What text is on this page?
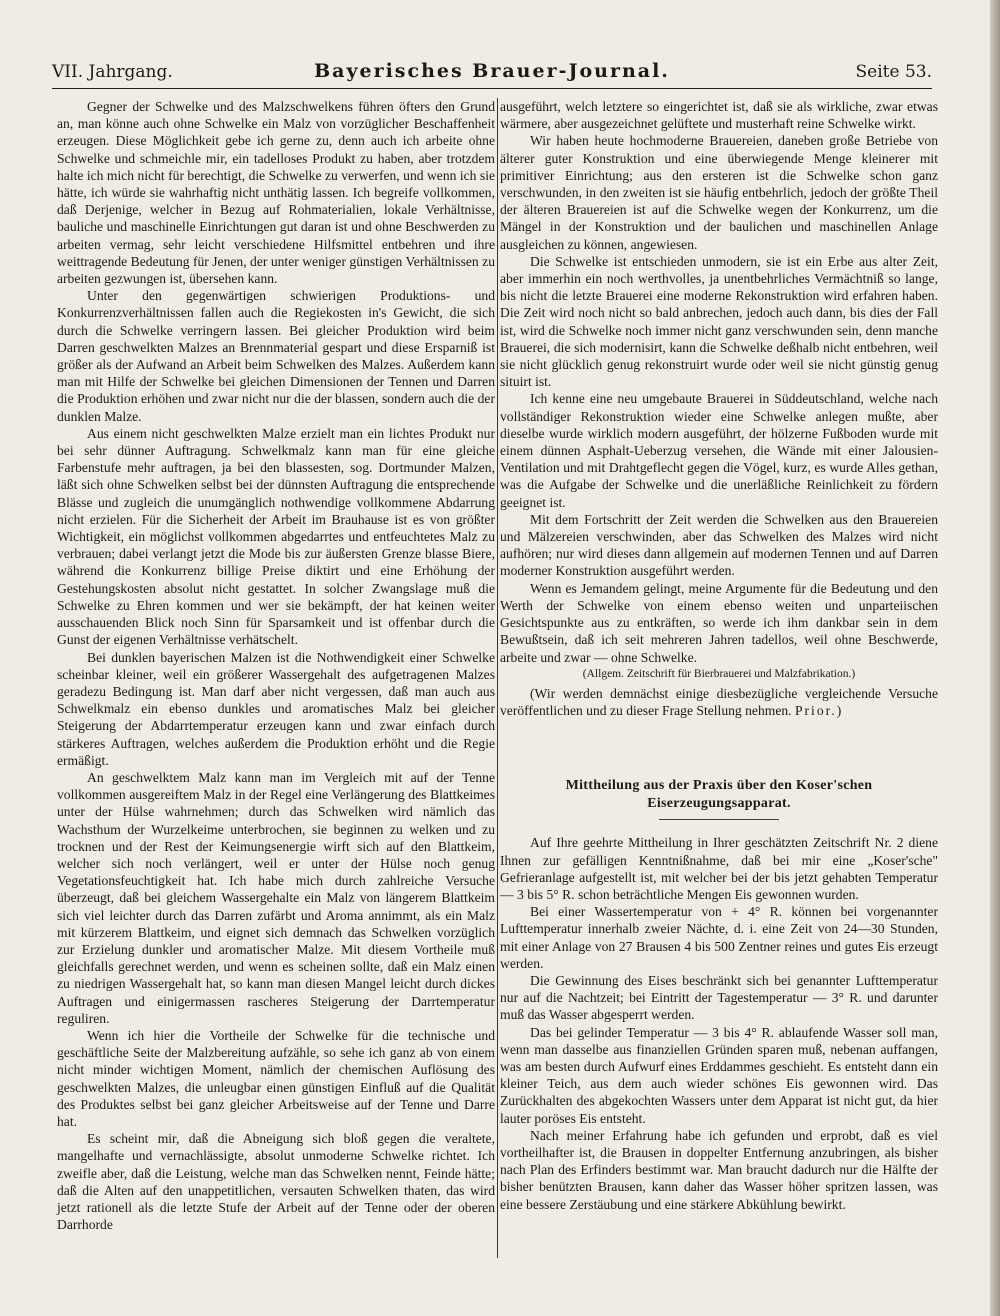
VII. Jahrgang.	Bayerisches Brauer-Journal.	Seite 53.

Gegner der Schwelke und des Malzschwelkens führen öfters den Grund an, man könne auch ohne Schwelke ein Malz von vorzüglicher Beschaffenheit erzeugen. Diese Möglichkeit gebe ich gerne zu, denn auch ich arbeite ohne Schwelke und schmeichle mir, ein tadelloses Produkt zu haben, aber trotzdem halte ich mich nicht für berechtigt, die Schwelke zu verwerfen, und wenn ich sie hätte, ich würde sie wahrhaftig nicht unthätig lassen. Ich begreife vollkommen, daß Derjenige, welcher in Bezug auf Rohmaterialien, lokale Verhältnisse, bauliche und maschinelle Einrichtungen gut daran ist und ohne Beschwerden zu arbeiten vermag, sehr leicht verschiedene Hilfsmittel entbehren und ihre weittragende Bedeutung für Jenen, der unter weniger günstigen Verhältnissen zu arbeiten gezwungen ist, übersehen kann.

Unter den gegenwärtigen schwierigen Produktions- und Konkurrenzverhältnissen fallen auch die Regiekosten in's Gewicht, die sich durch die Schwelke verringern lassen. Bei gleicher Produktion wird beim Darren geschwelkten Malzes an Brennmaterial gespart und diese Ersparniß ist größer als der Aufwand an Arbeit beim Schwelken des Malzes. Außerdem kann man mit Hilfe der Schwelke bei gleichen Dimensionen der Tennen und Darren die Produktion erhöhen und zwar nicht nur die der blassen, sondern auch die der dunklen Malze.

Aus einem nicht geschwelkten Malze erzielt man ein lichtes Produkt nur bei sehr dünner Auftragung. Schwelkmalz kann man für eine gleiche Farbenstufe mehr auftragen, ja bei den blassesten, sog. Dortmunder Malzen, läßt sich ohne Schwelken selbst bei der dünnsten Auftragung die entsprechende Blässe und zugleich die unumgänglich nothwendige vollkommene Abdarrung nicht erzielen. Für die Sicherheit der Arbeit im Brauhause ist es von größter Wichtigkeit, ein möglichst vollkommen abgedarrtes und entfeuchtetes Malz zu verbrauen; dabei verlangt jetzt die Mode bis zur äußersten Grenze blasse Biere, während die Konkurrenz billige Preise diktirt und eine Erhöhung der Gestehungskosten absolut nicht gestattet. In solcher Zwangslage muß die Schwelke zu Ehren kommen und wer sie bekämpft, der hat keinen weiter ausschauenden Blick noch Sinn für Sparsamkeit und ist offenbar durch die Gunst der eigenen Verhältnisse verhätschelt.

Bei dunklen bayerischen Malzen ist die Nothwendigkeit einer Schwelke scheinbar kleiner, weil ein größerer Wassergehalt des aufgetragenen Malzes geradezu Bedingung ist. Man darf aber nicht vergessen, daß man auch aus Schwelkmalz ein ebenso dunkles und aromatisches Malz bei gleicher Steigerung der Abdarrtemperatur erzeugen kann und zwar einfach durch stärkeres Auftragen, welches außerdem die Produktion erhöht und die Regie ermäßigt.

An geschwelktem Malz kann man im Vergleich mit auf der Tenne vollkommen ausgereiftem Malz in der Regel eine Verlängerung des Blattkeimes unter der Hülse wahrnehmen; durch das Schwelken wird nämlich das Wachsthum der Wurzelkeime unterbrochen, sie beginnen zu welken und zu trocknen und der Rest der Keimungsenergie wirft sich auf den Blattkeim, welcher sich noch verlängert, weil er unter der Hülse noch genug Vegetationsfeuchtigkeit hat. Ich habe mich durch zahlreiche Versuche überzeugt, daß bei gleichem Wassergehalte ein Malz von längerem Blattkeim sich viel leichter durch das Darren zufärbt und Aroma annimmt, als ein Malz mit kürzerem Blattkeim, und eignet sich demnach das Schwelken vorzüglich zur Erzielung dunkler und aromatischer Malze. Mit diesem Vortheile muß gleichfalls gerechnet werden, und wenn es scheinen sollte, daß ein Malz einen zu niedrigen Wassergehalt hat, so kann man diesen Mangel leicht durch dickes Auftragen und einigermassen rascheres Steigerung der Darrtemperatur reguliren.

Wenn ich hier die Vortheile der Schwelke für die technische und geschäftliche Seite der Malzbereitung aufzähle, so sehe ich ganz ab von einem nicht minder wichtigen Moment, nämlich der chemischen Auflösung des geschwelkten Malzes, die unleugbar einen günstigen Einfluß auf die Qualität des Produktes selbst bei ganz gleicher Arbeitsweise auf der Tenne und Darre hat.

Es scheint mir, daß die Abneigung sich bloß gegen die veraltete, mangelhafte und vernachlässigte, absolut unmoderne Schwelke richtet. Ich zweifle aber, daß die Leistung, welche man das Schwelken nennt, Feinde hätte; daß die Alten auf den unappetitlichen, versauten Schwelken thaten, das wird jetzt rationell als die letzte Stufe der Arbeit auf der Tenne oder der oberen Darrhorde

ausgeführt, welch letztere so eingerichtet ist, daß sie als wirkliche, zwar etwas wärmere, aber ausgezeichnet gelüftete und musterhaft reine Schwelke wirkt.

Wir haben heute hochmoderne Brauereien, daneben große Betriebe von älterer guter Konstruktion und eine überwiegende Menge kleinerer mit primitiver Einrichtung; aus den ersteren ist die Schwelke schon ganz verschwunden, in den zweiten ist sie häufig entbehrlich, jedoch der größte Theil der älteren Brauereien ist auf die Schwelke wegen der Konkurrenz, um die Mängel in der Konstruktion und der baulichen und maschinellen Anlage ausgleichen zu können, angewiesen.

Die Schwelke ist entschieden unmodern, sie ist ein Erbe aus alter Zeit, aber immerhin ein noch werthvolles, ja unentbehrliches Vermächtniß so lange, bis nicht die letzte Brauerei eine moderne Rekonstruktion wird erfahren haben. Die Zeit wird noch nicht so bald anbrechen, jedoch auch dann, bis dies der Fall ist, wird die Schwelke noch immer nicht ganz verschwunden sein, denn manche Brauerei, die sich modernisirt, kann die Schwelke deßhalb nicht entbehren, weil sie nicht glücklich genug rekonstruirt wurde oder weil sie nicht günstig genug situirt ist.

Ich kenne eine neu umgebaute Brauerei in Süddeutschland, welche nach vollständiger Rekonstruktion wieder eine Schwelke anlegen mußte, aber dieselbe wurde wirklich modern ausgeführt, der hölzerne Fußboden wurde mit einem dünnen Asphalt-Ueberzug versehen, die Wände mit einer Jalousien-Ventilation und mit Drahtgeflecht gegen die Vögel, kurz, es wurde Alles gethan, was die Aufgabe der Schwelke und die unerläßliche Reinlichkeit zu fördern geeignet ist.

Mit dem Fortschritt der Zeit werden die Schwelken aus den Brauereien und Mälzereien verschwinden, aber das Schwelken des Malzes wird nicht aufhören; nur wird dieses dann allgemein auf modernen Tennen und auf Darren moderner Konstruktion ausgeführt werden.

Wenn es Jemandem gelingt, meine Argumente für die Bedeutung und den Werth der Schwelke von einem ebenso weiten und unparteiischen Gesichtspunkte aus zu entkräften, so werde ich ihm dankbar sein in dem Bewußtsein, daß ich seit mehreren Jahren tadellos, weil ohne Beschwerde, arbeite und zwar — ohne Schwelke.

(Allgem. Zeitschrift für Bierbrauerei und Malzfabrikation.)

(Wir werden demnächst einige diesbezügliche vergleichende Versuche veröffentlichen und zu dieser Frage Stellung nehmen. Prior.)

Mittheilung aus der Praxis über den Koser'schen Eiserzeugungsapparat.

Auf Ihre geehrte Mittheilung in Ihrer geschätzten Zeitschrift Nr. 2 diene Ihnen zur gefälligen Kenntnißnahme, daß bei mir eine „Koser'sche" Gefrieranlage aufgestellt ist, mit welcher bei der bis jetzt gehabten Temperatur — 3 bis 5° R. schon beträchtliche Mengen Eis gewonnen wurden.

Bei einer Wassertemperatur von + 4° R. können bei vorgenannter Lufttemperatur innerhalb zweier Nächte, d. i. eine Zeit von 24—30 Stunden, mit einer Anlage von 27 Brausen 4 bis 500 Zentner reines und gutes Eis erzeugt werden.

Die Gewinnung des Eises beschränkt sich bei genannter Lufttemperatur nur auf die Nachtzeit; bei Eintritt der Tagestemperatur — 3° R. und darunter muß das Wasser abgesperrt werden.

Das bei gelinder Temperatur — 3 bis 4° R. ablaufende Wasser soll man, wenn man dasselbe aus finanziellen Gründen sparen muß, nebenan auffangen, was am besten durch Aufwurf eines Erddammes geschieht. Es entsteht dann ein kleiner Teich, aus dem auch wieder schönes Eis gewonnen wird. Das Zurückhalten des abgekochten Wassers unter dem Apparat ist nicht gut, da hier lauter poröses Eis entsteht.

Nach meiner Erfahrung habe ich gefunden und erprobt, daß es viel vortheilhafter ist, die Brausen in doppelter Entfernung anzubringen, als bisher nach Plan des Erfinders bestimmt war. Man braucht dadurch nur die Hälfte der bisher benützten Brausen, kann daher das Wasser höher spritzen lassen, was eine bessere Zerstäubung und eine stärkere Abkühlung bewirkt.
